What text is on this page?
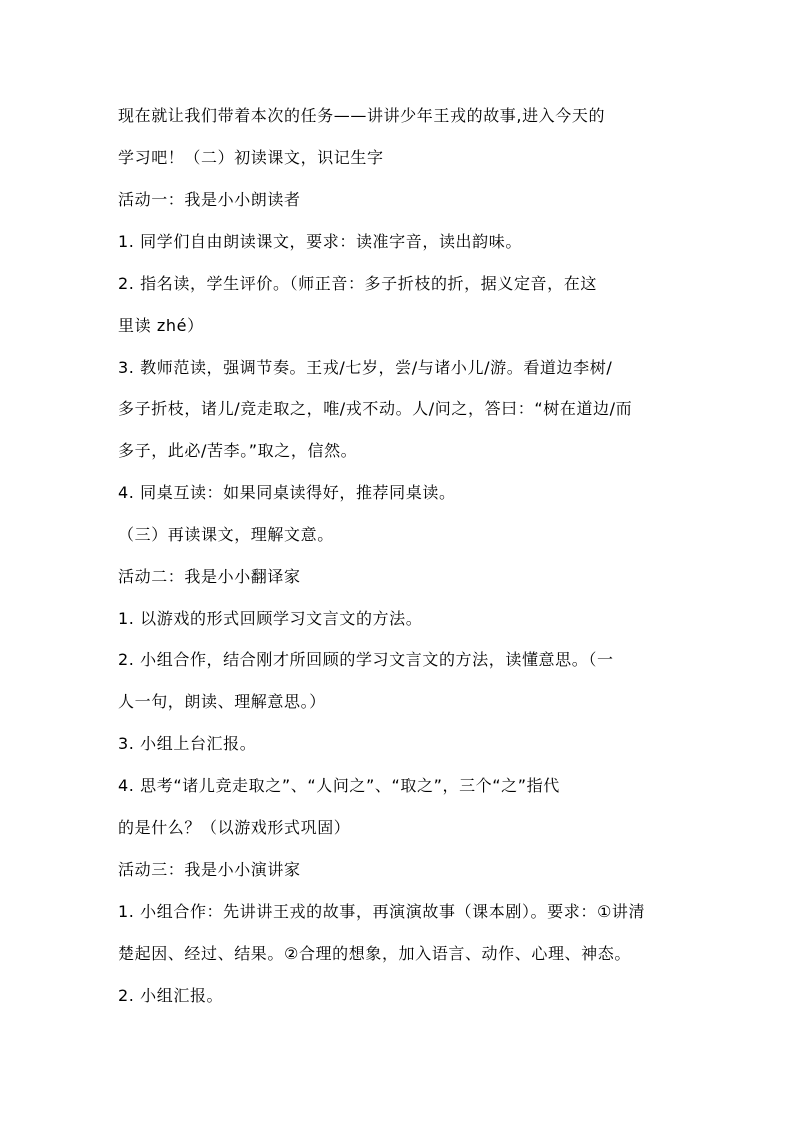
现在就让我们带着本次的任务——讲讲少年王戎的故事,进入今天的
学习吧！（二）初读课文，识记生字
活动一：我是小小朗读者
1. 同学们自由朗读课文，要求：读准字音，读出韵味。
2. 指名读，学生评价。（师正音：多子折枝的折，据义定音，在这
里读 zhé）
3. 教师范读，强调节奏。王戎/七岁，尝/与诸小儿/游。看道边李树/
多子折枝，诸儿/竞走取之，唯/戎不动。人/问之，答曰：“树在道边/而
多子，此必/苦李。”取之，信然。
4. 同桌互读：如果同桌读得好，推荐同桌读。
（三）再读课文，理解文意。
活动二：我是小小翻译家
1. 以游戏的形式回顾学习文言文的方法。
2. 小组合作，结合刚才所回顾的学习文言文的方法，读懂意思。（一
人一句，朗读、理解意思。）
3. 小组上台汇报。
4. 思考“诸儿竞走取之”、“人问之”、“取之”，三个“之”指代
的是什么？（以游戏形式巩固）
活动三：我是小小演讲家
1. 小组合作：先讲讲王戎的故事，再演演故事（课本剧）。要求：①讲清
楚起因、经过、结果。②合理的想象，加入语言、动作、心理、神态。
2. 小组汇报。
